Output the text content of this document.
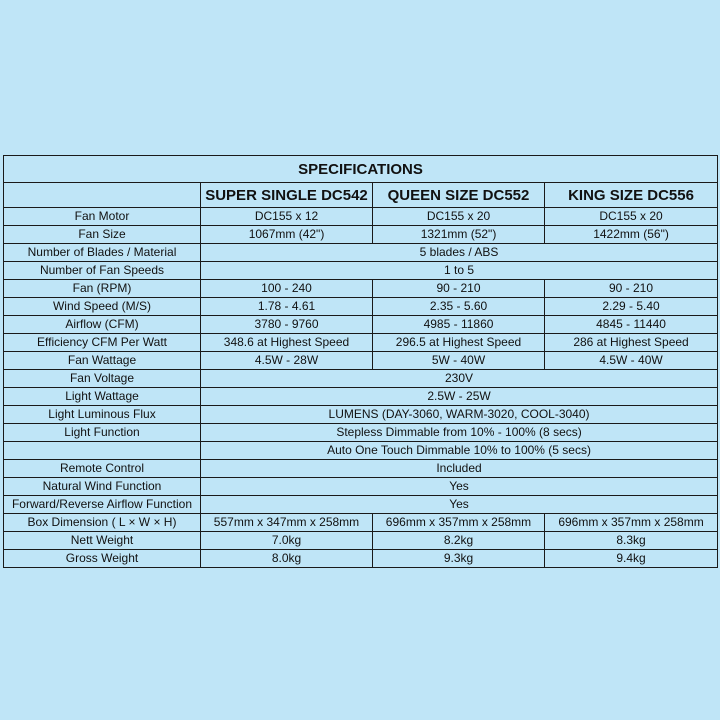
SPECIFICATIONS			
	SUPER SINGLE DC542	QUEEN SIZE DC552	KING SIZE DC556
Fan Motor	DC155 x 12	DC155 x 20	DC155 x 20
Fan Size	1067mm (42")	1321mm (52")	1422mm (56")
Number of Blades / Material	5 blades / ABS		
Number of Fan Speeds	1 to 5		
Fan (RPM)	100 - 240	90 - 210	90 - 210
Wind Speed (M/S)	1.78 - 4.61	2.35 - 5.60	2.29 - 5.40
Airflow (CFM)	3780 - 9760	4985 - 11860	4845 - 11440
Efficiency CFM Per Watt	348.6 at Highest Speed	296.5 at Highest Speed	286 at Highest Speed
Fan Wattage	4.5W - 28W	5W - 40W	4.5W - 40W
Fan Voltage	230V		
Light Wattage	2.5W - 25W		
Light Luminous Flux	LUMENS (DAY-3060, WARM-3020, COOL-3040)		
Light Function	Stepless Dimmable from 10% - 100% (8 secs)		
	Auto One Touch Dimmable 10% to 100% (5 secs)		
Remote Control	Included		
Natural Wind Function	Yes		
Forward/Reverse Airflow Function	Yes		
Box Dimension ( L × W × H)	557mm x 347mm x 258mm	696mm x 357mm x 258mm	696mm x 357mm x 258mm
Nett Weight	7.0kg	8.2kg	8.3kg
Gross Weight	8.0kg	9.3kg	9.4kg
